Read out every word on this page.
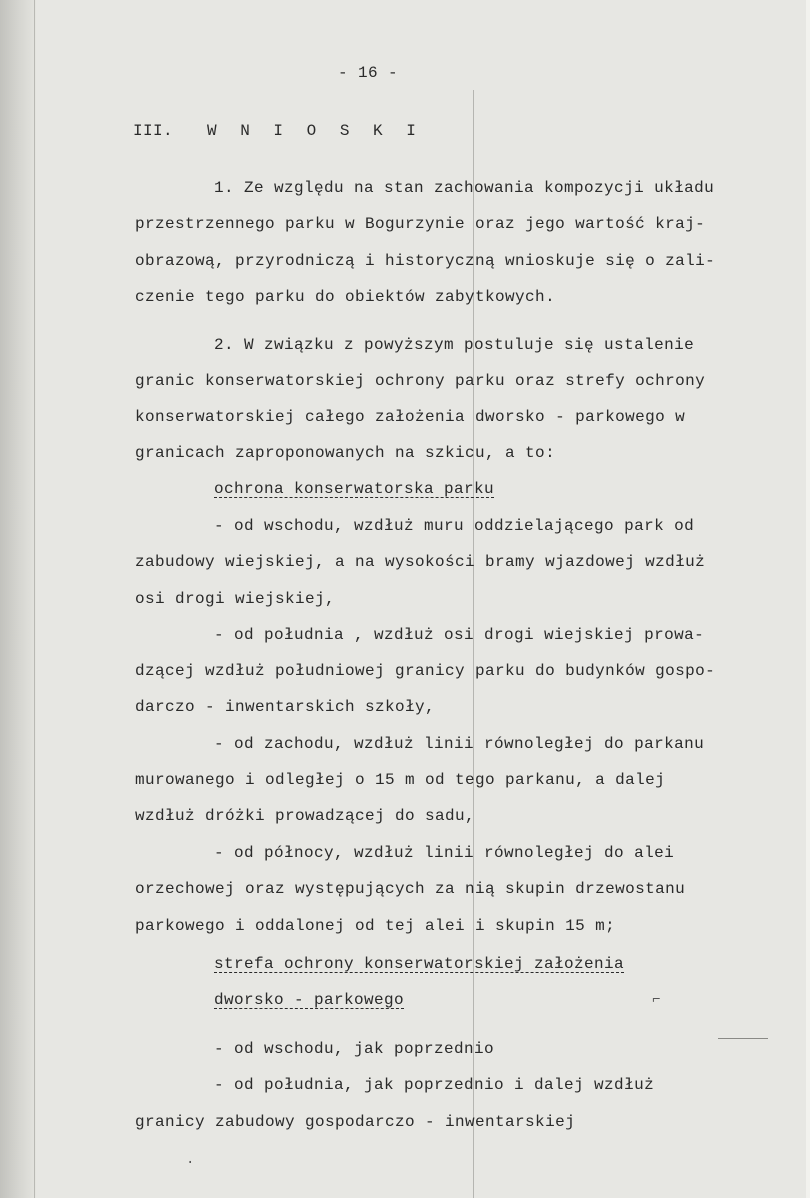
- 16 -

III. W N I O S K I

1. Ze względu na stan zachowania kompozycji układu

przestrzennego parku w Bogurzynie oraz jego wartość kraj-

obrazową, przyrodniczą i historyczną wnioskuje się o zali-

czenie tego parku do obiektów zabytkowych.

2. W związku z powyższym postuluje się ustalenie

granic konserwatorskiej ochrony parku oraz strefy ochrony

konserwatorskiej całego założenia dworsko - parkowego w

granicach zaproponowanych na szkicu, a to:

ochrona konserwatorska parku

- od wschodu, wzdłuż muru oddzielającego park od

zabudowy wiejskiej, a na wysokości bramy wjazdowej wzdłuż

osi drogi wiejskiej,

- od południa , wzdłuż osi drogi wiejskiej prowa-

dzącej wzdłuż południowej granicy parku do budynków gospo-

darczo - inwentarskich szkoły,

- od zachodu, wzdłuż linii równoległej do parkanu

murowanego i odległej o 15 m od tego parkanu, a dalej

wzdłuż dróżki prowadzącej do sadu,

- od północy, wzdłuż linii równoległej do alei

orzechowej oraz występujących za nią skupin drzewostanu

parkowego i oddalonej od tej alei i skupin 15 m;

strefa ochrony konserwatorskiej założenia

dworsko - parkowego

- od wschodu, jak poprzednio

- od południa, jak poprzednio i dalej wzdłuż

granicy zabudowy gospodarczo - inwentarskiej

⌐
·
